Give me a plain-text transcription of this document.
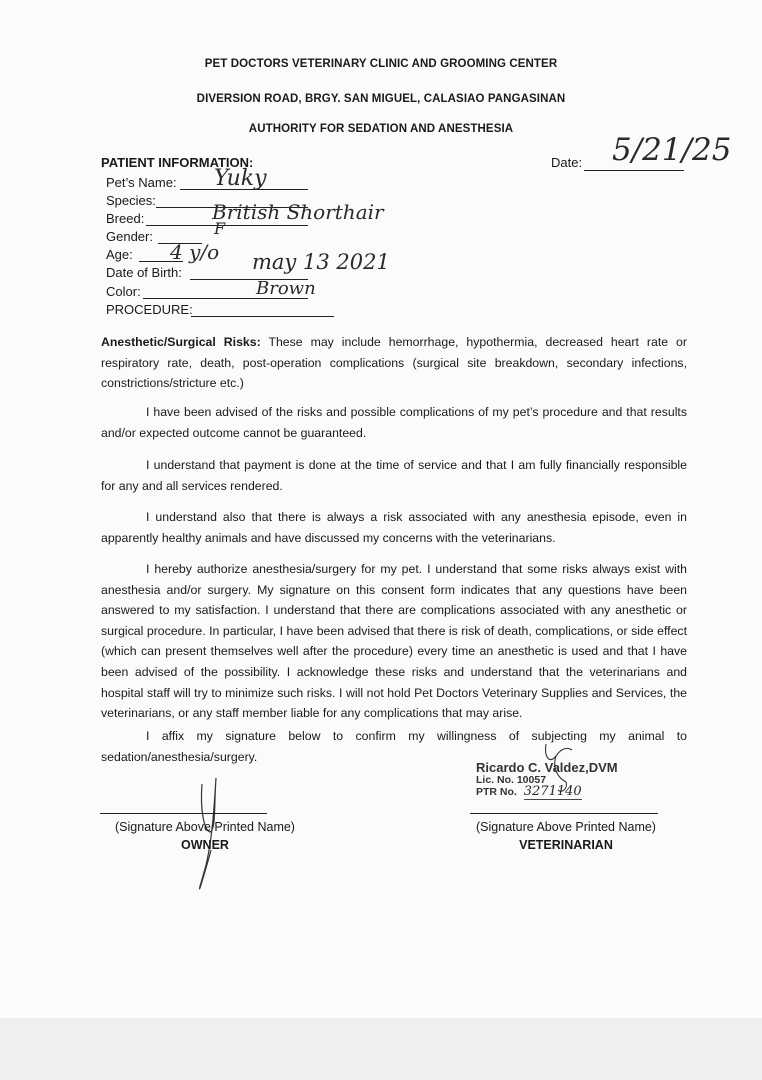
PET DOCTORS VETERINARY CLINIC AND GROOMING CENTER
DIVERSION ROAD, BRGY. SAN MIGUEL, CALASIAO PANGASINAN
AUTHORITY FOR SEDATION AND ANESTHESIA
PATIENT INFORMATION:	Date: 5/21/25
Pet’s Name: Yuky
Species:
Breed:	British Shorthair
Gender:	F
Age: 4 y/o
Date of Birth:	may 13 2021
Color:	Brown
PROCEDURE:
Anesthetic/Surgical Risks: These may include hemorrhage, hypothermia, decreased heart rate or respiratory rate, death, post-operation complications (surgical site breakdown, secondary infections, constrictions/stricture etc.)
I have been advised of the risks and possible complications of my pet’s procedure and that results and/or expected outcome cannot be guaranteed.
I understand that payment is done at the time of service and that I am fully financially responsible for any and all services rendered.
I understand also that there is always a risk associated with any anesthesia episode, even in apparently healthy animals and have discussed my concerns with the veterinarians.
I hereby authorize anesthesia/surgery for my pet. I understand that some risks always exist with anesthesia and/or surgery. My signature on this consent form indicates that any questions have been answered to my satisfaction. I understand that there are complications associated with any anesthetic or surgical procedure. In particular, I have been advised that there is risk of death, complications, or side effect (which can present themselves well after the procedure) every time an anesthetic is used and that I have been advised of the possibility. I acknowledge these risks and understand that the veterinarians and hospital staff will try to minimize such risks. I will not hold Pet Doctors Veterinary Supplies and Services, the veterinarians, or any staff member liable for any complications that may arise.
I affix my signature below to confirm my willingness of subjecting my animal to sedation/anesthesia/surgery.
(Signature Above Printed Name)
OWNER
Ricardo C. Valdez,DVM
Lic. No. 10057
PTR No. 3271140
(Signature Above Printed Name)
VETERINARIAN
